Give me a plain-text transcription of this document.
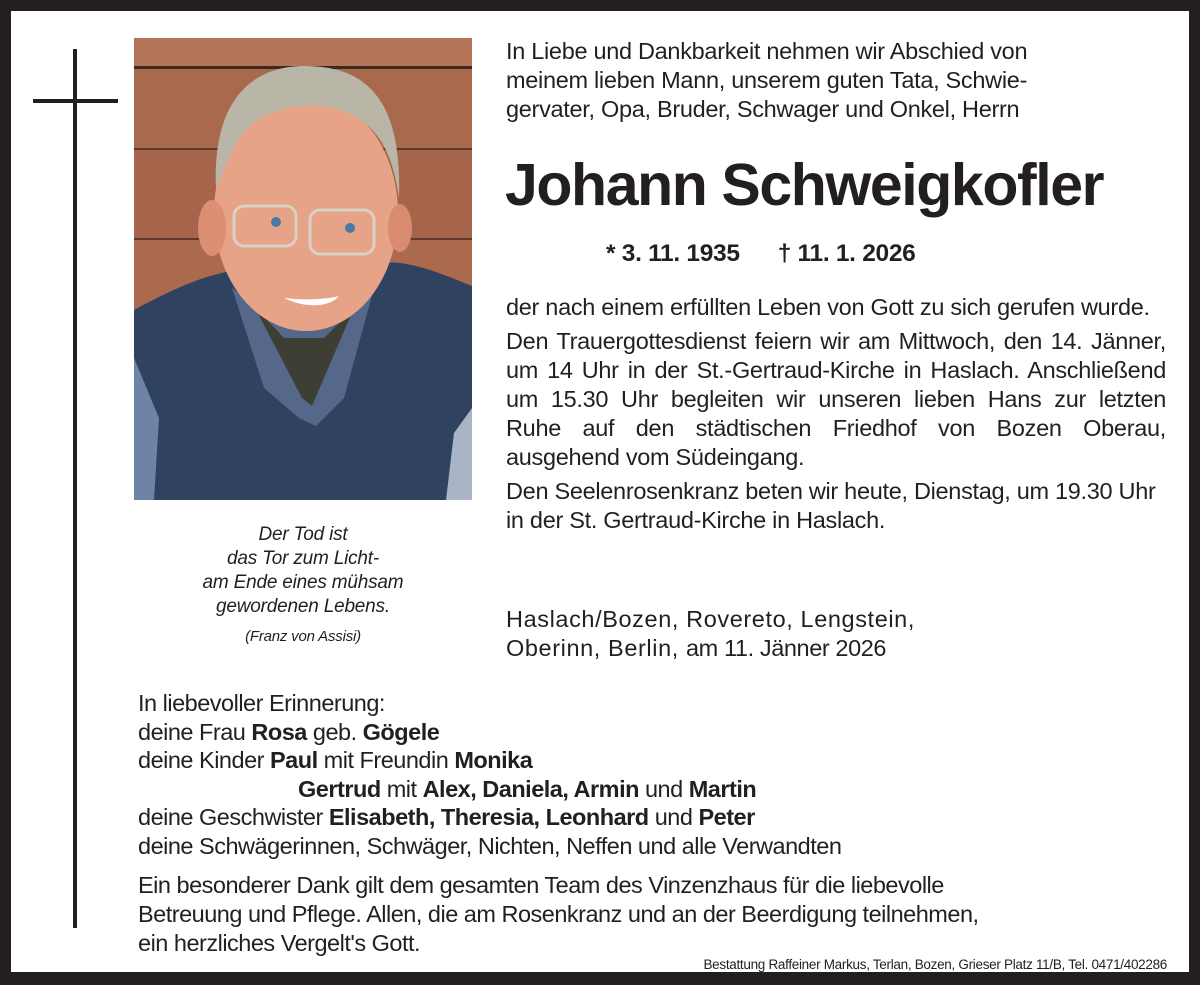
Der Tod ist
das Tor zum Licht-
am Ende eines mühsam
gewordenen Lebens.
(Franz von Assisi)
In Liebe und Dankbarkeit nehmen wir Abschied von
meinem lieben Mann, unserem guten Tata, Schwie-
gervater, Opa, Bruder, Schwager und Onkel, Herrn
Johann Schweigkofler
* 3. 11. 1935 † 11. 1. 2026

der nach einem erfüllten Leben von Gott zu sich gerufen wurde.

Den Trauergottesdienst feiern wir am Mittwoch, den 14. Jänner, um 14 Uhr in der St.-Gertraud-Kirche in Haslach. Anschließend um 15.30 Uhr begleiten wir unseren lieben Hans zur letzten Ruhe auf den städtischen Friedhof von Bozen Oberau, ausgehend vom Südeingang.

Den Seelenrosenkranz beten wir heute, Dienstag, um 19.30 Uhr in der St. Gertraud-Kirche in Haslach.

Haslach/Bozen, Rovereto, Lengstein,
Oberinn, Berlin, am 11. Jänner 2026
In liebevoller Erinnerung:
deine Frau Rosa geb. Gögele
deine Kinder Paul mit Freundin Monika
Gertrud mit Alex, Daniela, Armin und Martin
deine Geschwister Elisabeth, Theresia, Leonhard und Peter
deine Schwägerinnen, Schwäger, Nichten, Neffen und alle Verwandten
Ein besonderer Dank gilt dem gesamten Team des Vinzenzhaus für die liebevolle
Betreuung und Pflege. Allen, die am Rosenkranz und an der Beerdigung teilnehmen,
ein herzliches Vergelt's Gott.
Bestattung Raffeiner Markus, Terlan, Bozen, Grieser Platz 11/B, Tel. 0471/402286
